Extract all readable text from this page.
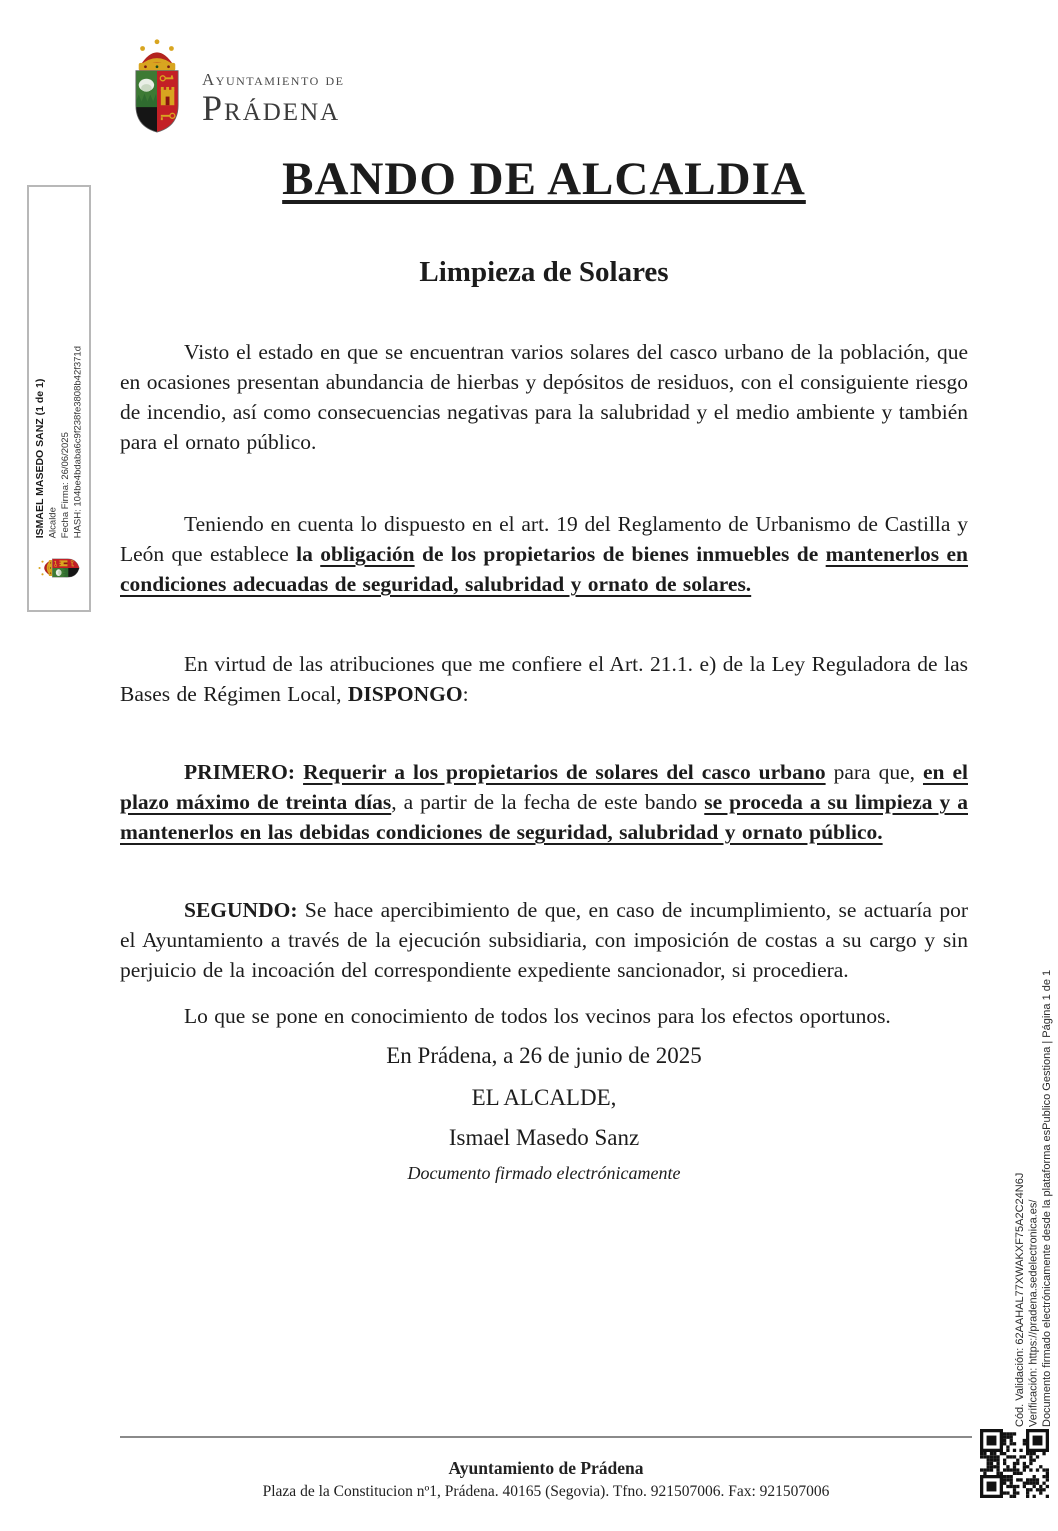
ISMAEL MASEDO SANZ (1 de 1) Alcalde Fecha Firma: 26/06/2025 HASH: 104be4bdaba6c9f238fe3808b42f371d
Ayuntamiento de
Prádena
BANDO DE ALCALDIA
Limpieza de Solares

Visto el estado en que se encuentran varios solares del casco urbano de la población, que en ocasiones presentan abundancia de hierbas y depósitos de residuos, con el consiguiente riesgo de incendio, así como consecuencias negativas para la salubridad y el medio ambiente y también para el ornato público.

Teniendo en cuenta lo dispuesto en el art. 19 del Reglamento de Urbanismo de Castilla y León que establece la obligación de los propietarios de bienes inmuebles de mantenerlos en condiciones adecuadas de seguridad, salubridad y ornato de solares.

En virtud de las atribuciones que me confiere el Art. 21.1. e) de la Ley Reguladora de las Bases de Régimen Local, DISPONGO:

PRIMERO: Requerir a los propietarios de solares del casco urbano para que, en el plazo máximo de treinta días, a partir de la fecha de este bando se proceda a su limpieza y a mantenerlos en las debidas condiciones de seguridad, salubridad y ornato público.

SEGUNDO: Se hace apercibimiento de que, en caso de incumplimiento, se actuaría por el Ayuntamiento a través de la ejecución subsidiaria, con imposición de costas a su cargo y sin perjuicio de la incoación del correspondiente expediente sancionador, si procediera.

Lo que se pone en conocimiento de todos los vecinos para los efectos oportunos.

En Prádena, a 26 de junio de 2025
EL ALCALDE,
Ismael Masedo Sanz
Documento firmado electrónicamente	Cód. Validación: 62AAHAL77XWAKXF75A2C24N6J Verificación: https://pradena.sedelectronica.es/ Documento firmado electrónicamente desde la plataforma esPublico Gestiona | Página 1 de 1
Ayuntamiento de Prádena
Plaza de la Constitucion nº1, Prádena. 40165 (Segovia). Tfno. 921507006. Fax: 921507006
